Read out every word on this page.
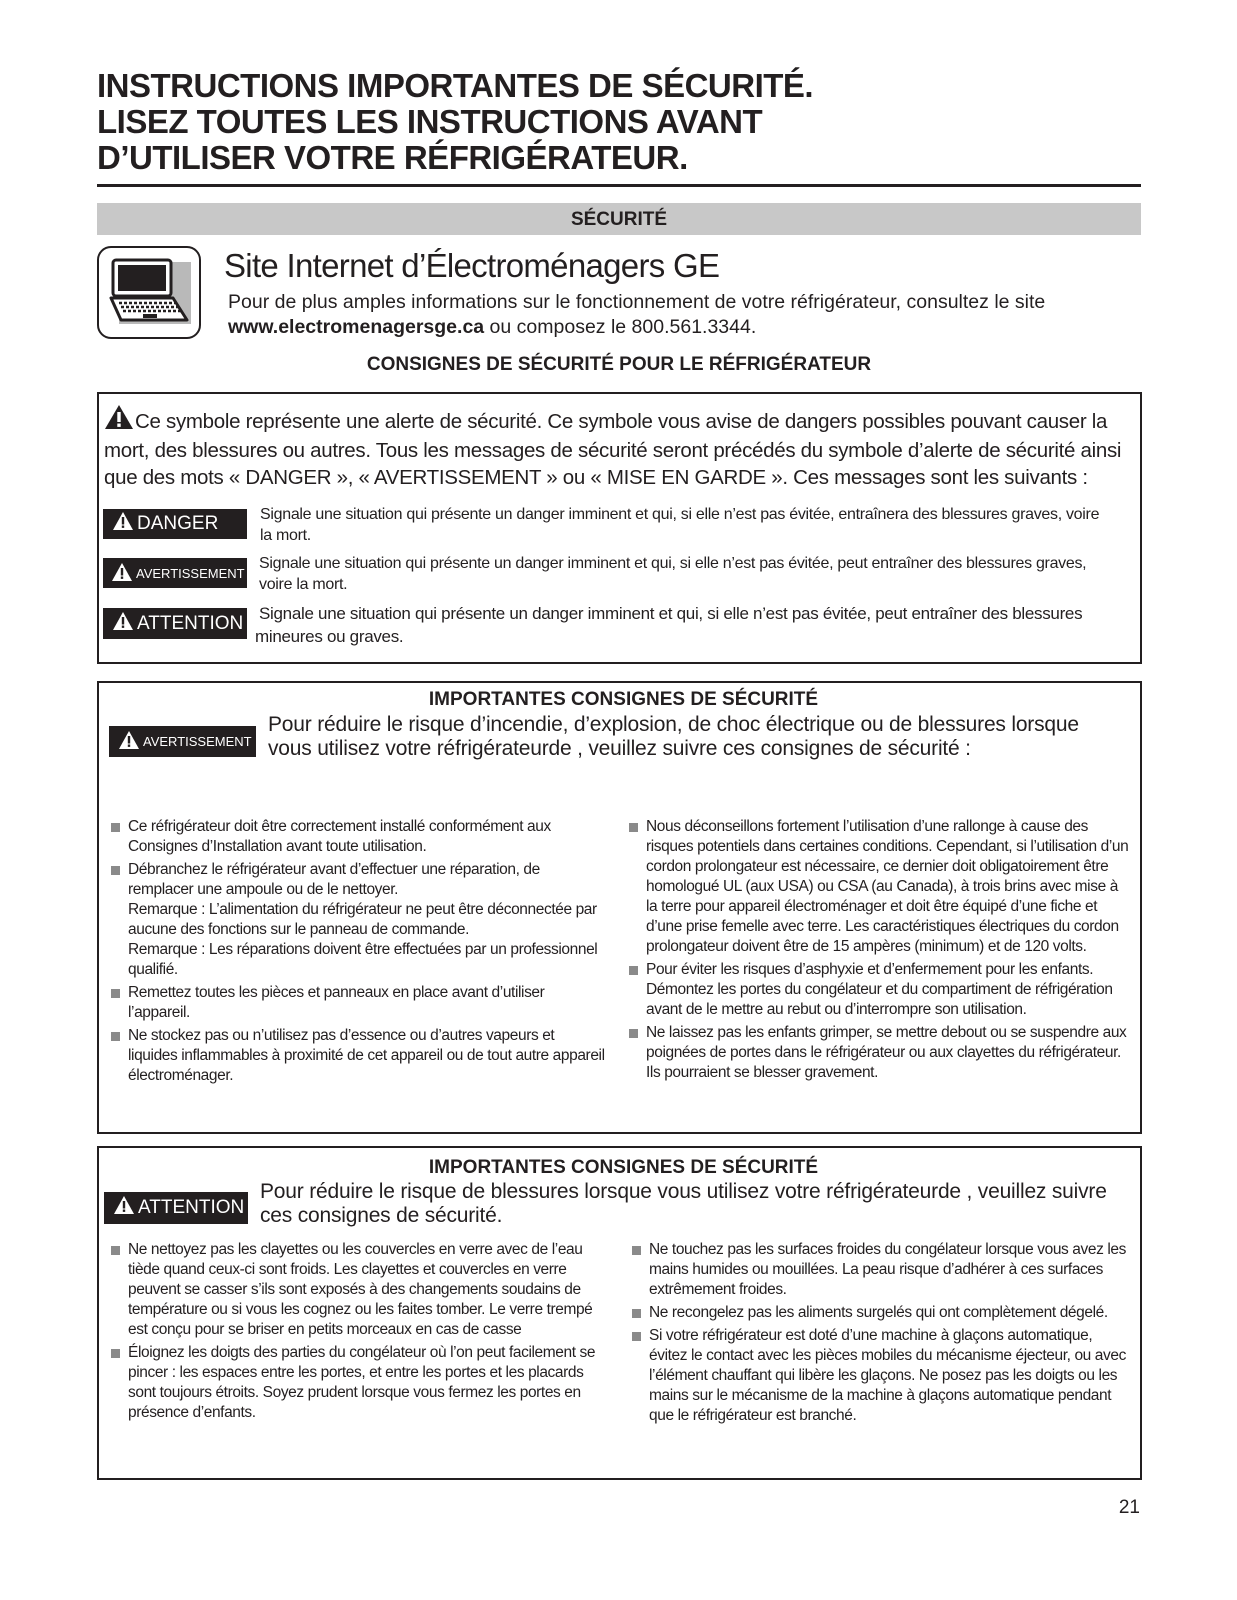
INSTRUCTIONS IMPORTANTES DE SÉCURITÉ.
LISEZ TOUTES LES INSTRUCTIONS AVANT
D’UTILISER VOTRE RÉFRIGÉRATEUR.
SÉCURITÉ
Site Internet d’Électroménagers GE
Pour de plus amples informations sur le fonctionnement de votre réfrigérateur, consultez le site www.electromenagersge.ca ou composez le 800.561.3344.
CONSIGNES DE SÉCURITÉ POUR LE RÉFRIGÉRATEUR
Ce symbole représente une alerte de sécurité. Ce symbole vous avise de dangers possibles pouvant causer la mort, des blessures ou autres. Tous les messages de sécurité seront précédés du symbole d’alerte de sécurité ainsi que des mots « DANGER », « AVERTISSEMENT » ou « MISE EN GARDE ». Ces messages sont les suivants :
DANGER	Signale une situation qui présente un danger imminent et qui, si elle n’est pas évitée, entraînera des blessures graves, voire la mort.
AVERTISSEMENT
Signale une situation qui présente un danger imminent et qui, si elle n’est pas évitée, peut entraîner des blessures graves, voire la mort.
ATTENTION Signale une situation qui présente un danger imminent et qui, si elle n’est pas évitée, peut entraîner des blessures mineures ou graves.
IMPORTANTES CONSIGNES DE SÉCURITÉ
AVERTISSEMENT
Pour réduire le risque d’incendie, d’explosion, de choc électrique ou de blessures lorsque vous utilisez votre réfrigérateurde , veuillez suivre ces consignes de sécurité :
Ce réfrigérateur doit être correctement installé conformément aux Consignes d’Installation avant toute utilisation.
Débranchez le réfrigérateur avant d’effectuer une réparation, de remplacer une ampoule ou de le nettoyer.
Remarque : L’alimentation du réfrigérateur ne peut être déconnectée par aucune des fonctions sur le panneau de commande.
Remarque : Les réparations doivent être effectuées par un professionnel qualifié.
Remettez toutes les pièces et panneaux en place avant d’utiliser l’appareil.
Ne stockez pas ou n’utilisez pas d’essence ou d’autres vapeurs et liquides inflammables à proximité de cet appareil ou de tout autre appareil électroménager.
Nous déconseillons fortement l’utilisation d’une rallonge à cause des risques potentiels dans certaines conditions. Cependant, si l’utilisation d’un cordon prolongateur est nécessaire, ce dernier doit obligatoirement être homologué UL (aux USA) ou CSA (au Canada), à trois brins avec mise à la terre pour appareil électroménager et doit être équipé d’une fiche et d’une prise femelle avec terre. Les caractéristiques électriques du cordon prolongateur doivent être de 15 ampères (minimum) et de 120 volts.
Pour éviter les risques d’asphyxie et d’enfermement pour les enfants. Démontez les portes du congélateur et du compartiment de réfrigération avant de le mettre au rebut ou d’interrompre son utilisation.
Ne laissez pas les enfants grimper, se mettre debout ou se suspendre aux poignées de portes dans le réfrigérateur ou aux clayettes du réfrigérateur. Ils pourraient se blesser gravement.
IMPORTANTES CONSIGNES DE SÉCURITÉ
ATTENTION
Pour réduire le risque de blessures lorsque vous utilisez votre réfrigérateurde , veuillez suivre ces consignes de sécurité.
Ne nettoyez pas les clayettes ou les couvercles en verre avec de l’eau tiède quand ceux-ci sont froids. Les clayettes et couvercles en verre peuvent se casser s’ils sont exposés à des changements soudains de température ou si vous les cognez ou les faites tomber. Le verre trempé est conçu pour se briser en petits morceaux en cas de casse
Éloignez les doigts des parties du congélateur où l’on peut facilement se pincer : les espaces entre les portes, et entre les portes et les placards sont toujours étroits. Soyez prudent lorsque vous fermez les portes en présence d’enfants.
Ne touchez pas les surfaces froides du congélateur lorsque vous avez les mains humides ou mouillées. La peau risque d’adhérer à ces surfaces extrêmement froides.
Ne recongelez pas les aliments surgelés qui ont complètement dégelé.
Si votre réfrigérateur est doté d’une machine à glaçons automatique, évitez le contact avec les pièces mobiles du mécanisme éjecteur, ou avec l’élément chauffant qui libère les glaçons. Ne posez pas les doigts ou les mains sur le mécanisme de la machine à glaçons automatique pendant que le réfrigérateur est branché.
21
